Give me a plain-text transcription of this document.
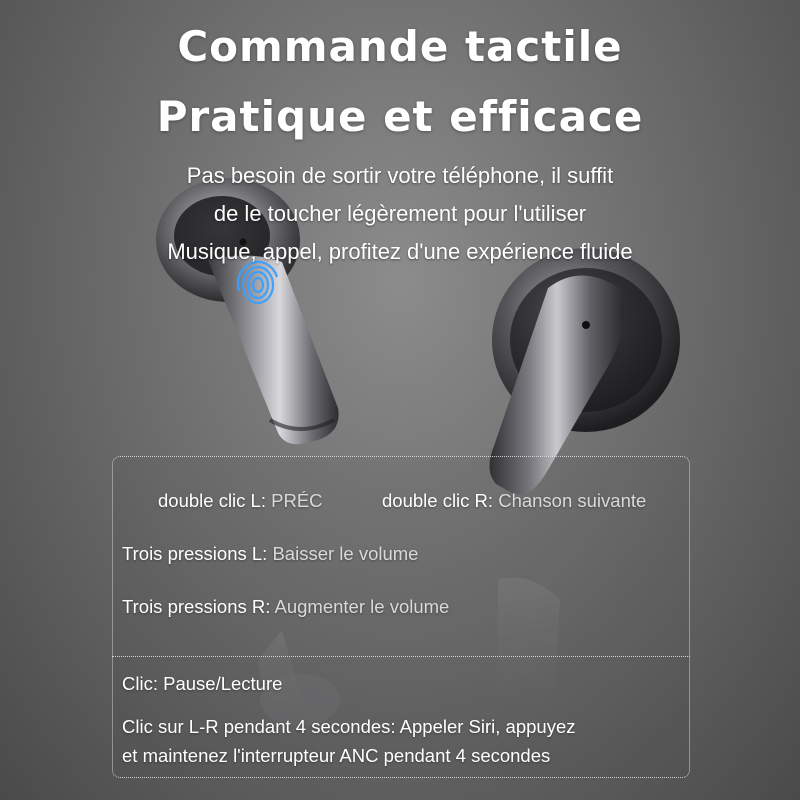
Commande tactile
Pratique et efficace
Pas besoin de sortir votre téléphone, il suffit
de le toucher légèrement pour l'utiliser
Musique, appel, profitez d'une expérience fluide
double clic L: PRÉC	double clic R: Chanson suivante
Trois pressions L: Baisser le volume
Trois pressions R: Augmenter le volume
Clic: Pause/Lecture
Clic sur L-R pendant 4 secondes: Appeler Siri, appuyez
et maintenez l'interrupteur ANC pendant 4 secondes
